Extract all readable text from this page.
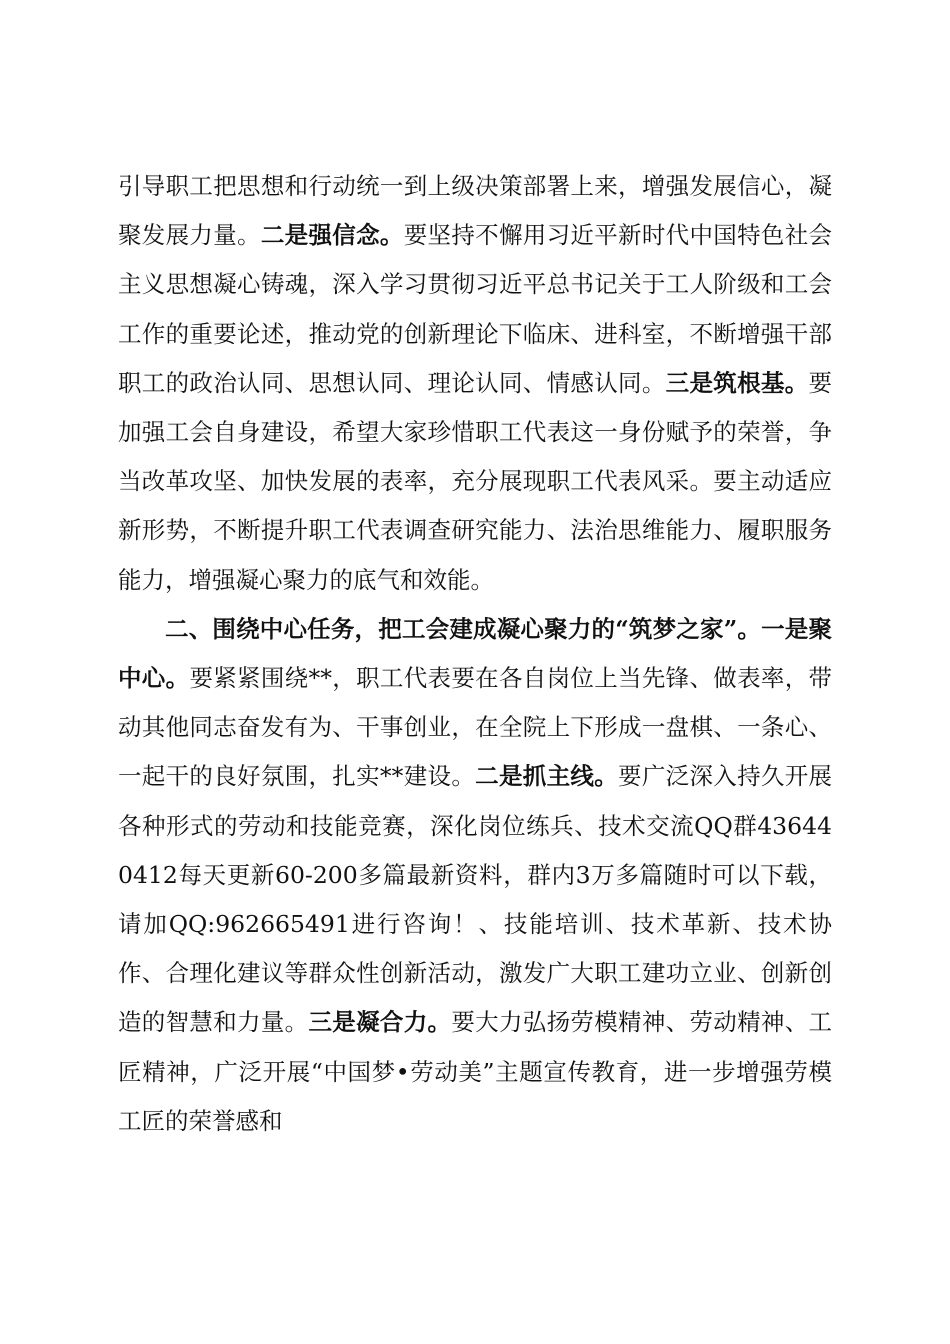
引导职工把思想和行动统一到上级决策部署上来，增强发展信心，凝聚发展力量。二是强信念。要坚持不懈用习近平新时代中国特色社会主义思想凝心铸魂，深入学习贯彻习近平总书记关于工人阶级和工会工作的重要论述，推动党的创新理论下临床、进科室，不断增强干部职工的政治认同、思想认同、理论认同、情感认同。三是筑根基。要加强工会自身建设，希望大家珍惜职工代表这一身份赋予的荣誉，争当改革攻坚、加快发展的表率，充分展现职工代表风采。要主动适应新形势，不断提升职工代表调查研究能力、法治思维能力、履职服务能力，增强凝心聚力的底气和效能。

二、围绕中心任务，把工会建成凝心聚力的“筑梦之家”。一是聚中心。要紧紧围绕**，职工代表要在各自岗位上当先锋、做表率，带动其他同志奋发有为、干事创业，在全院上下形成一盘棋、一条心、一起干的良好氛围，扎实**建设。二是抓主线。要广泛深入持久开展各种形式的劳动和技能竞赛，深化岗位练兵、技术交流QQ群436440412每天更新60-200多篇最新资料，群内3万多篇随时可以下载，请加QQ:962665491进行咨询！、技能培训、技术革新、技术协作、合理化建议等群众性创新活动，激发广大职工建功立业、创新创造的智慧和力量。三是凝合力。要大力弘扬劳模精神、劳动精神、工匠精神，广泛开展“中国梦•劳动美”主题宣传教育，进一步增强劳模工匠的荣誉感和
